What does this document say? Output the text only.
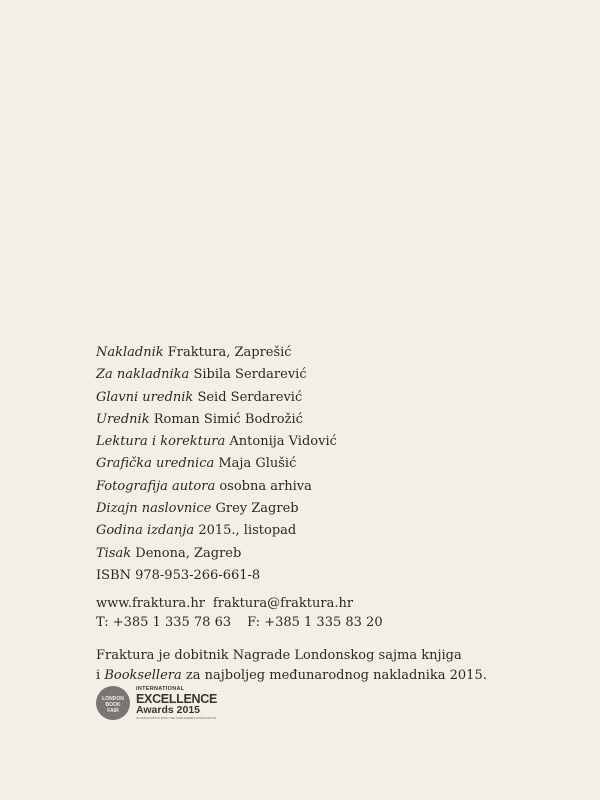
Nakladnik Fraktura, Zaprešić
Za nakladnika Sibila Serdarević
Glavni urednik Seid Serdarević
Urednik Roman Simić Bodrožić
Lektura i korektura Antonija Vidović
Grafička urednica Maja Glušić
Fotografija autora osobna arhiva
Dizajn naslovnice Grey Zagreb
Godina izdanja 2015., listopad
Tisak Denona, Zagreb
ISBN 978-953-266-661-8
www.fraktura.hr fraktura@fraktura.hr
T: +385 1 335 78 63 F: +385 1 335 83 20
Fraktura je dobitnik Nagrade Londonskog sajma knjiga
i Booksellera za najboljeg međunarodnog nakladnika 2015.
LONDON
BOOK
FAIR
INTERNATIONAL
EXCELLENCE
Awards 2015
IN ASSOCIATION WITH THE PUBLISHERS ASSOCIATION
